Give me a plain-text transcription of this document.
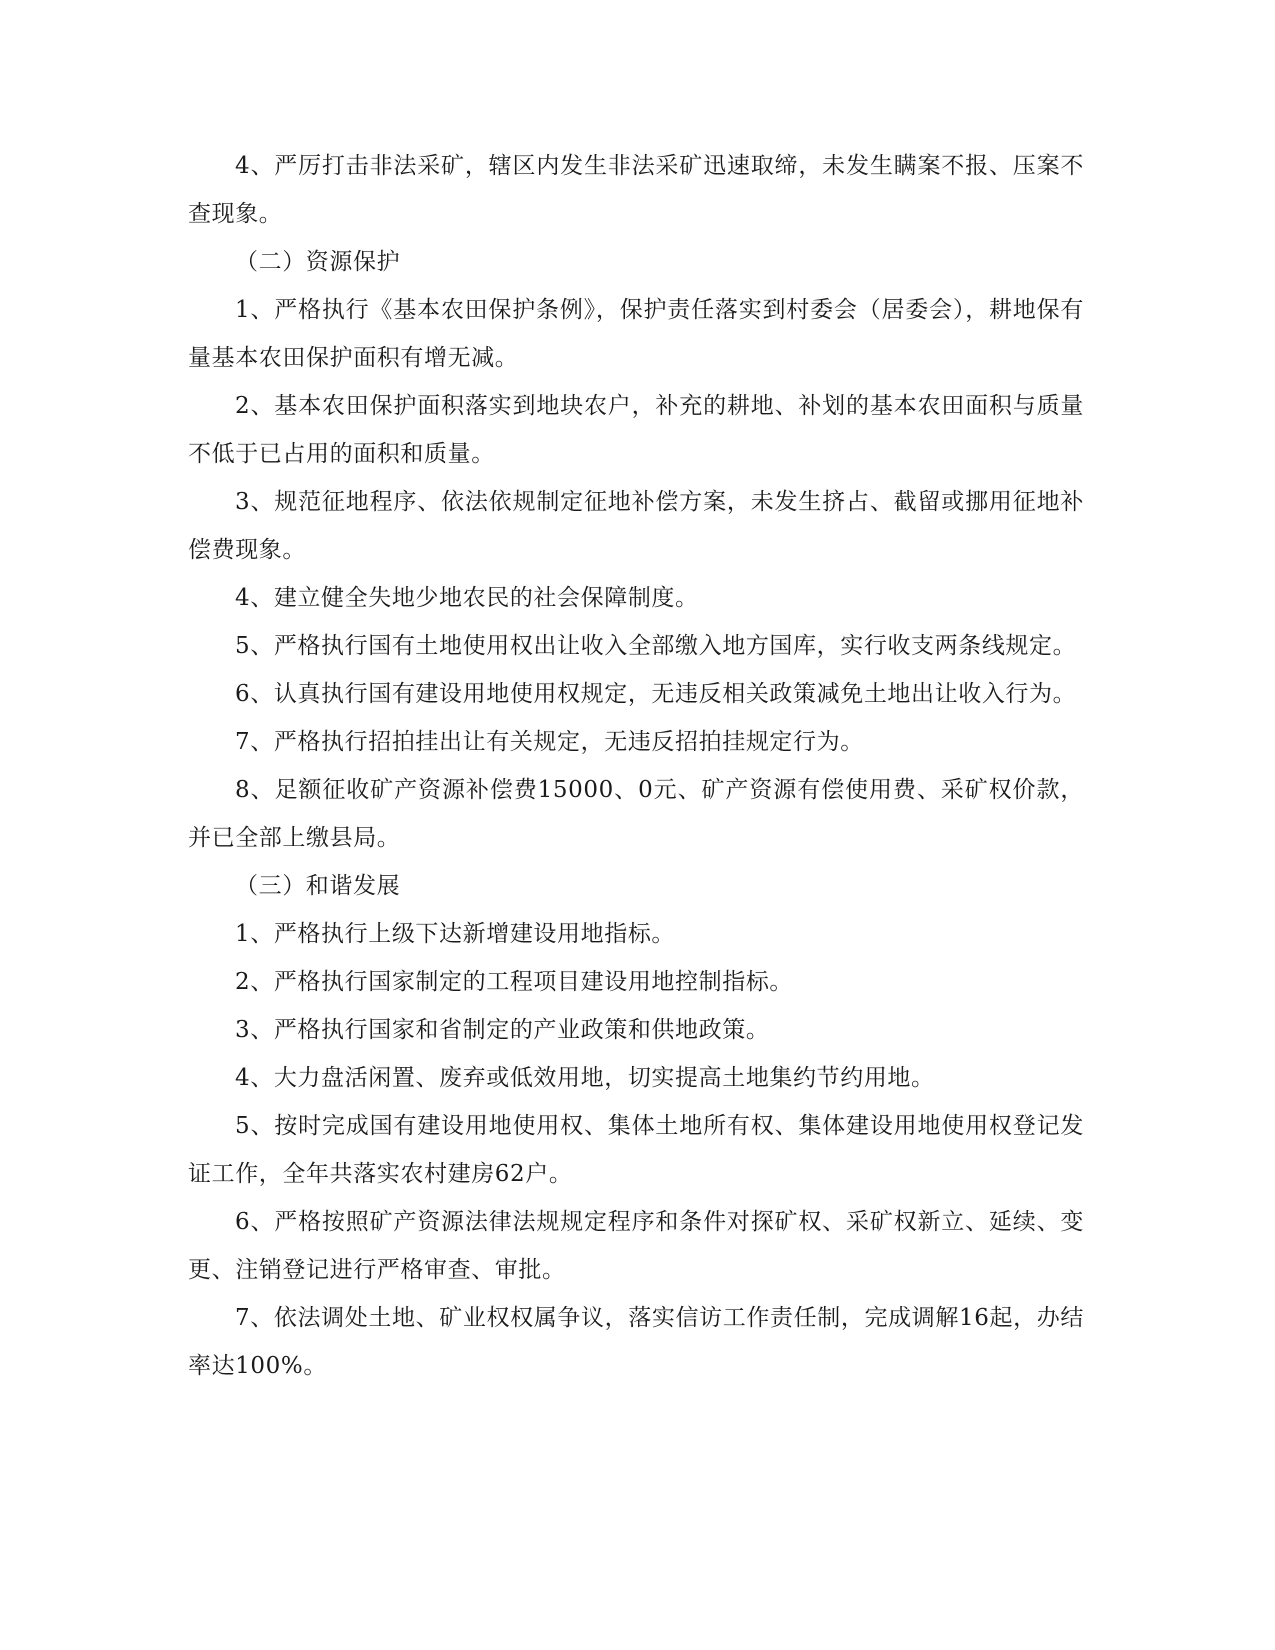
4、严厉打击非法采矿，辖区内发生非法采矿迅速取缔，未发生瞒案不报、压案不查现象。

（二）资源保护

1、严格执行《基本农田保护条例》，保护责任落实到村委会（居委会），耕地保有量基本农田保护面积有增无减。

2、基本农田保护面积落实到地块农户，补充的耕地、补划的基本农田面积与质量不低于已占用的面积和质量。

3、规范征地程序、依法依规制定征地补偿方案，未发生挤占、截留或挪用征地补偿费现象。

4、建立健全失地少地农民的社会保障制度。

5、严格执行国有土地使用权出让收入全部缴入地方国库，实行收支两条线规定。

6、认真执行国有建设用地使用权规定，无违反相关政策减免土地出让收入行为。

7、严格执行招拍挂出让有关规定，无违反招拍挂规定行为。

8、足额征收矿产资源补偿费15000、0元、矿产资源有偿使用费、采矿权价款，并已全部上缴县局。

（三）和谐发展

1、严格执行上级下达新增建设用地指标。

2、严格执行国家制定的工程项目建设用地控制指标。

3、严格执行国家和省制定的产业政策和供地政策。

4、大力盘活闲置、废弃或低效用地，切实提高土地集约节约用地。

5、按时完成国有建设用地使用权、集体土地所有权、集体建设用地使用权登记发证工作，全年共落实农村建房62户。

6、严格按照矿产资源法律法规规定程序和条件对探矿权、采矿权新立、延续、变更、注销登记进行严格审查、审批。

7、依法调处土地、矿业权权属争议，落实信访工作责任制，完成调解16起，办结率达100%。
